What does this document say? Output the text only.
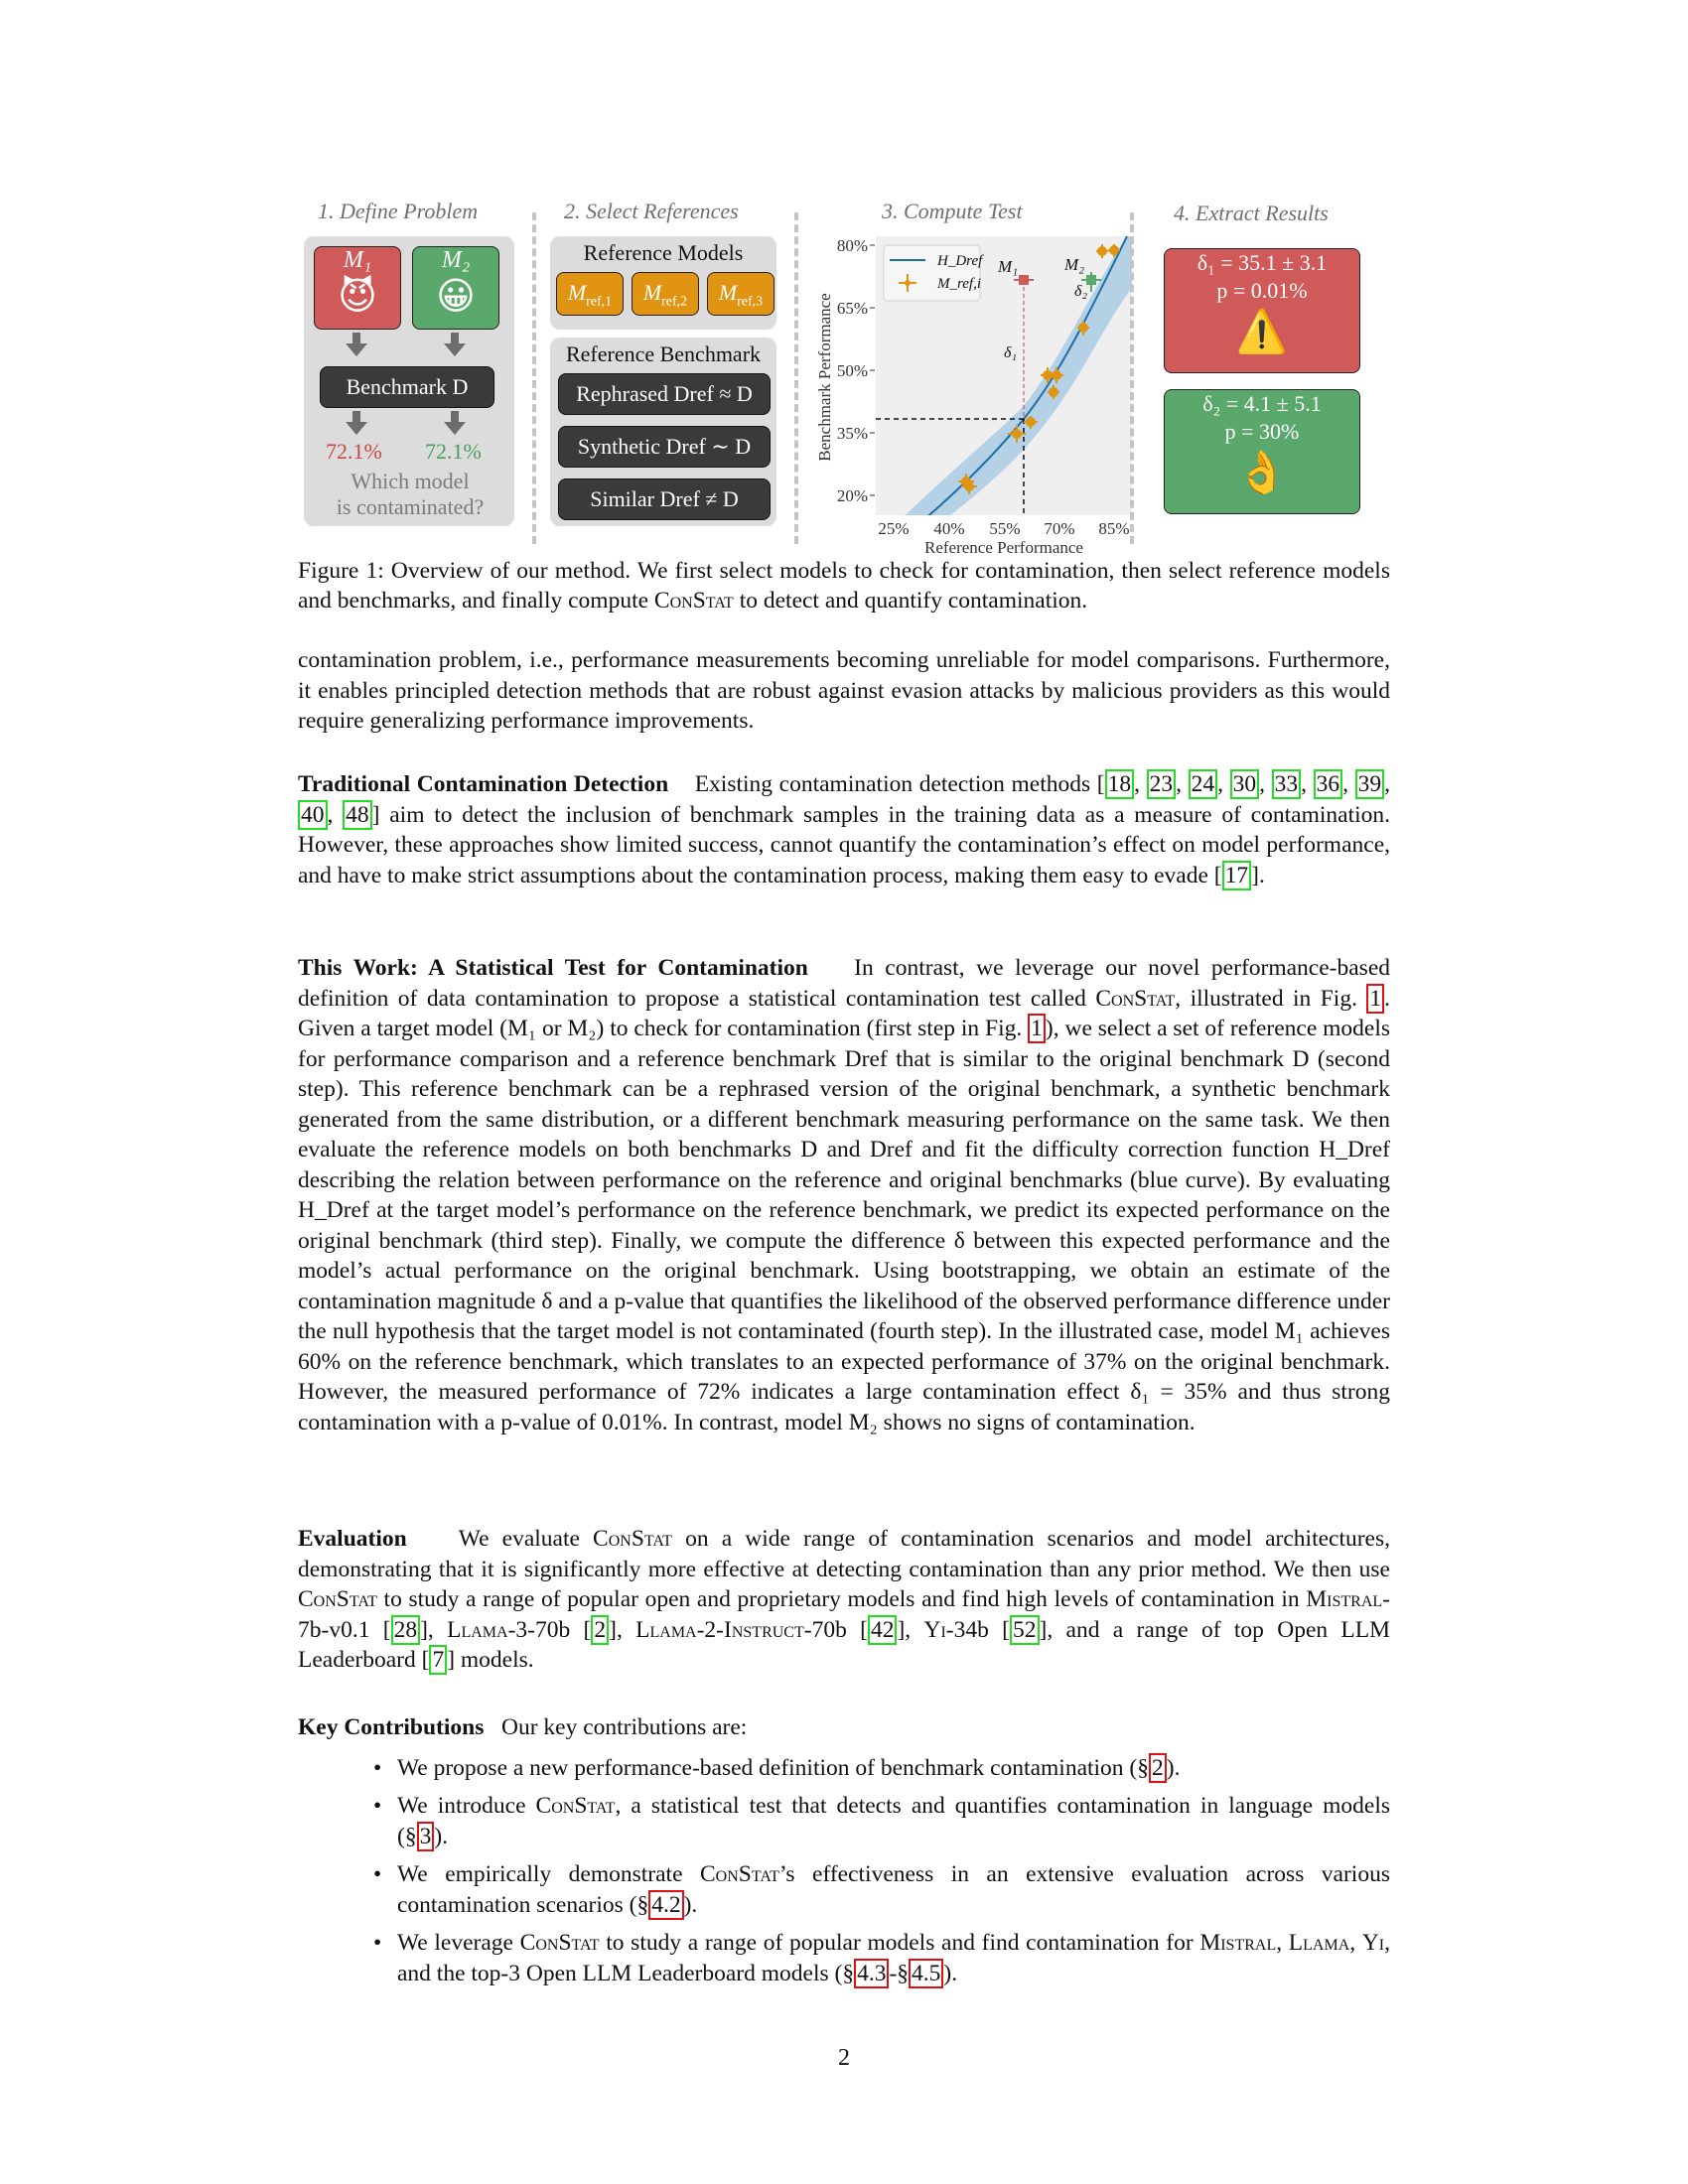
1. Define Problem
M₁
😈
M₂
😀
Benchmark D
72.1% 72.1%
Which model
is contaminated?
2. Select References
Reference Models
$M_{ref,1}$	$M_{ref,2}$	$M_{ref,3}$
Reference Benchmark
Rephrased Dref ≈ D
Synthetic Dref ∼ D
Similar Dref ≠ D
3. Compute Test
M₁	M₂
δ₂
δ₁
H_Dref
M_ref,i
80%
65%
50%
35%
20%
25% 40% 55% 70% 85%
Reference Performance
Benchmark Performance
4. Extract Results
δ₁ = 35.1 ± 3.1
p = 0.01%
⚠️
δ₂ = 4.1 ± 5.1
p = 30%
👌
Figure 1: Overview of our method. We first select models to check for contamination, then select reference models and benchmarks, and finally compute ConStat to detect and quantify contamination.
contamination problem, i.e., performance measurements becoming unreliable for model comparisons. Furthermore, it enables principled detection methods that are robust against evasion attacks by malicious providers as this would require generalizing performance improvements.
Traditional Contamination Detection Existing contamination detection methods [ 18 , 23 , 24 , 30 , 33 , 36 , 39 , 40 , 48 ] aim to detect the inclusion of benchmark samples in the training data as a measure of contamination. However, these approaches show limited success, cannot quantify the contamination’s effect on model performance, and have to make strict assumptions about the contamination process, making them easy to evade [ 17 ].
This Work: A Statistical Test for Contamination In contrast, we leverage our novel performance-based definition of data contamination to propose a statistical contamination test called ConStat, illustrated in Fig. 1 . Given a target model (M₁ or M₂) to check for contamination (first step in Fig. 1 ), we select a set of reference models for performance comparison and a reference benchmark Dref that is similar to the original benchmark D (second step). This reference benchmark can be a rephrased version of the original benchmark, a synthetic benchmark generated from the same distribution, or a different benchmark measuring performance on the same task. We then evaluate the reference models on both benchmarks D and Dref and fit the difficulty correction function H_Dref describing the relation between performance on the reference and original benchmarks (blue curve). By evaluating H_Dref at the target model’s performance on the reference benchmark, we predict its expected performance on the original benchmark (third step). Finally, we compute the difference δ between this expected performance and the model’s actual performance on the original benchmark. Using bootstrapping, we obtain an estimate of the contamination magnitude δ and a p-value that quantifies the likelihood of the observed performance difference under the null hypothesis that the target model is not contaminated (fourth step). In the illustrated case, model M₁ achieves 60% on the reference benchmark, which translates to an expected performance of 37% on the original benchmark. However, the measured performance of 72% indicates a large contamination effect δ₁ = 35% and thus strong contamination with a p-value of 0.01%. In contrast, model M₂ shows no signs of contamination.
Evaluation We evaluate ConStat on a wide range of contamination scenarios and model architectures, demonstrating that it is significantly more effective at detecting contamination than any prior method. We then use ConStat to study a range of popular open and proprietary models and find high levels of contamination in Mistral-7b-v0.1 [ 28 ], Llama-3-70b [ 2 ], Llama-2-Instruct-70b [ 42 ], Yi-34b [ 52 ], and a range of top Open LLM Leaderboard [ 7 ] models.
Key Contributions Our key contributions are:
• We propose a new performance-based definition of benchmark contamination (§ 2 ).
• We introduce ConStat, a statistical test that detects and quantifies contamination in language models (§ 3 ).
• We empirically demonstrate ConStat’s effectiveness in an extensive evaluation across various contamination scenarios (§ 4.2 ).
• We leverage ConStat to study a range of popular models and find contamination for Mistral, Llama, Yi, and the top-3 Open LLM Leaderboard models (§ 4.3 -§ 4.5 ).
2
